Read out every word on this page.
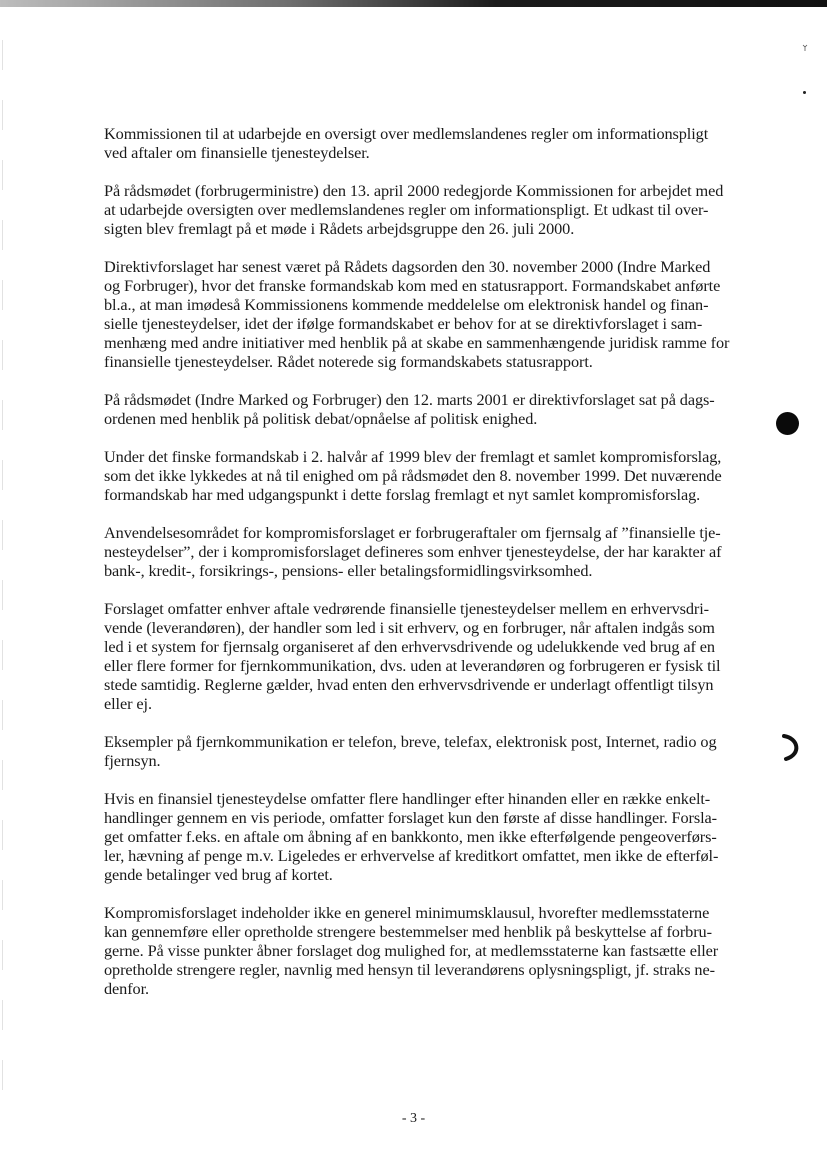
Kommissionen til at udarbejde en oversigt over medlemslandenes regler om informationspligt
ved aftaler om finansielle tjenesteydelser.

På rådsmødet (forbrugerministre) den 13. april 2000 redegjorde Kommissionen for arbejdet med
at udarbejde oversigten over medlemslandenes regler om informationspligt. Et udkast til over-
sigten blev fremlagt på et møde i Rådets arbejdsgruppe den 26. juli 2000.

Direktivforslaget har senest været på Rådets dagsorden den 30. november 2000 (Indre Marked
og Forbruger), hvor det franske formandskab kom med en statusrapport. Formandskabet anførte
bl.a., at man imødeså Kommissionens kommende meddelelse om elektronisk handel og finan-
sielle tjenesteydelser, idet der ifølge formandskabet er behov for at se direktivforslaget i sam-
menhæng med andre initiativer med henblik på at skabe en sammenhængende juridisk ramme for
finansielle tjenesteydelser. Rådet noterede sig formandskabets statusrapport.

På rådsmødet (Indre Marked og Forbruger) den 12. marts 2001 er direktivforslaget sat på dags-
ordenen med henblik på politisk debat/opnåelse af politisk enighed.

Under det finske formandskab i 2. halvår af 1999 blev der fremlagt et samlet kompromisforslag,
som det ikke lykkedes at nå til enighed om på rådsmødet den 8. november 1999. Det nuværende
formandskab har med udgangspunkt i dette forslag fremlagt et nyt samlet kompromisforslag.

Anvendelsesområdet for kompromisforslaget er forbrugeraftaler om fjernsalg af ”finansielle tje-
nesteydelser”, der i kompromisforslaget defineres som enhver tjenesteydelse, der har karakter af
bank-, kredit-, forsikrings-, pensions- eller betalingsformidlingsvirksomhed.

Forslaget omfatter enhver aftale vedrørende finansielle tjenesteydelser mellem en erhvervsdri-
vende (leverandøren), der handler som led i sit erhverv, og en forbruger, når aftalen indgås som
led i et system for fjernsalg organiseret af den erhvervsdrivende og udelukkende ved brug af en
eller flere former for fjernkommunikation, dvs. uden at leverandøren og forbrugeren er fysisk til
stede samtidig. Reglerne gælder, hvad enten den erhvervsdrivende er underlagt offentligt tilsyn
eller ej.

Eksempler på fjernkommunikation er telefon, breve, telefax, elektronisk post, Internet, radio og
fjernsyn.

Hvis en finansiel tjenesteydelse omfatter flere handlinger efter hinanden eller en række enkelt-
handlinger gennem en vis periode, omfatter forslaget kun den første af disse handlinger. Forsla-
get omfatter f.eks. en aftale om åbning af en bankkonto, men ikke efterfølgende pengeoverførs-
ler, hævning af penge m.v. Ligeledes er erhvervelse af kreditkort omfattet, men ikke de efterføl-
gende betalinger ved brug af kortet.

Kompromisforslaget indeholder ikke en generel minimumsklausul, hvorefter medlemsstaterne
kan gennemføre eller opretholde strengere bestemmelser med henblik på beskyttelse af forbru-
gerne. På visse punkter åbner forslaget dog mulighed for, at medlemsstaterne kan fastsætte eller
opretholde strengere regler, navnlig med hensyn til leverandørens oplysningspligt, jf. straks ne-
denfor.

- 3 -
